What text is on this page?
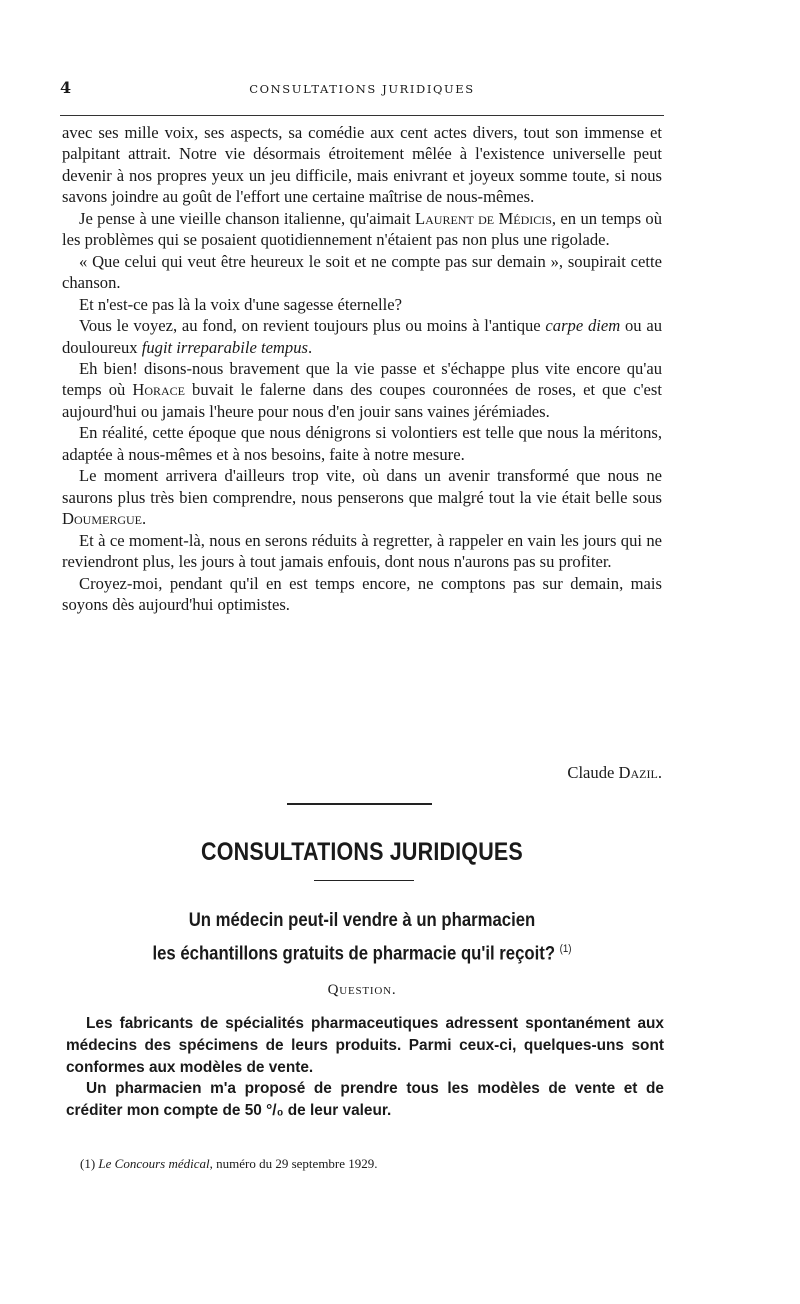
4	CONSULTATIONS JURIDIQUES

avec ses mille voix, ses aspects, sa comédie aux cent actes divers, tout son immense et palpitant attrait. Notre vie désormais étroitement mêlée à l'existence universelle peut devenir à nos propres yeux un jeu difficile, mais enivrant et joyeux somme toute, si nous savons joindre au goût de l'effort une certaine maîtrise de nous-mêmes.

Je pense à une vieille chanson italienne, qu'aimait Laurent de Médicis, en un temps où les problèmes qui se posaient quotidiennement n'étaient pas non plus une rigolade.

« Que celui qui veut être heureux le soit et ne compte pas sur demain », soupirait cette chanson.

Et n'est-ce pas là la voix d'une sagesse éternelle?

Vous le voyez, au fond, on revient toujours plus ou moins à l'antique carpe diem ou au douloureux fugit irreparabile tempus.

Eh bien! disons-nous bravement que la vie passe et s'échappe plus vite encore qu'au temps où Horace buvait le falerne dans des coupes couronnées de roses, et que c'est aujourd'hui ou jamais l'heure pour nous d'en jouir sans vaines jérémiades.

En réalité, cette époque que nous dénigrons si volontiers est telle que nous la méritons, adaptée à nous-mêmes et à nos besoins, faite à notre mesure.

Le moment arrivera d'ailleurs trop vite, où dans un avenir transformé que nous ne saurons plus très bien comprendre, nous penserons que malgré tout la vie était belle sous Doumergue.

Et à ce moment-là, nous en serons réduits à regretter, à rappeler en vain les jours qui ne reviendront plus, les jours à tout jamais enfouis, dont nous n'aurons pas su profiter.

Croyez-moi, pendant qu'il en est temps encore, ne comptons pas sur demain, mais soyons dès aujourd'hui optimistes.

Claude Dazil.
CONSULTATIONS JURIDIQUES
Un médecin peut-il vendre à un pharmacien
les échantillons gratuits de pharmacie qu'il reçoit? $^{(1)}$
Question.

Les fabricants de spécialités pharmaceutiques adressent spontanément aux médecins des spécimens de leurs produits. Parmi ceux-ci, quelques-uns sont conformes aux modèles de vente.

Un pharmacien m'a proposé de prendre tous les modèles de vente et de créditer mon compte de 50 °/₀ de leur valeur.

(1) Le Concours médical, numéro du 29 septembre 1929.
